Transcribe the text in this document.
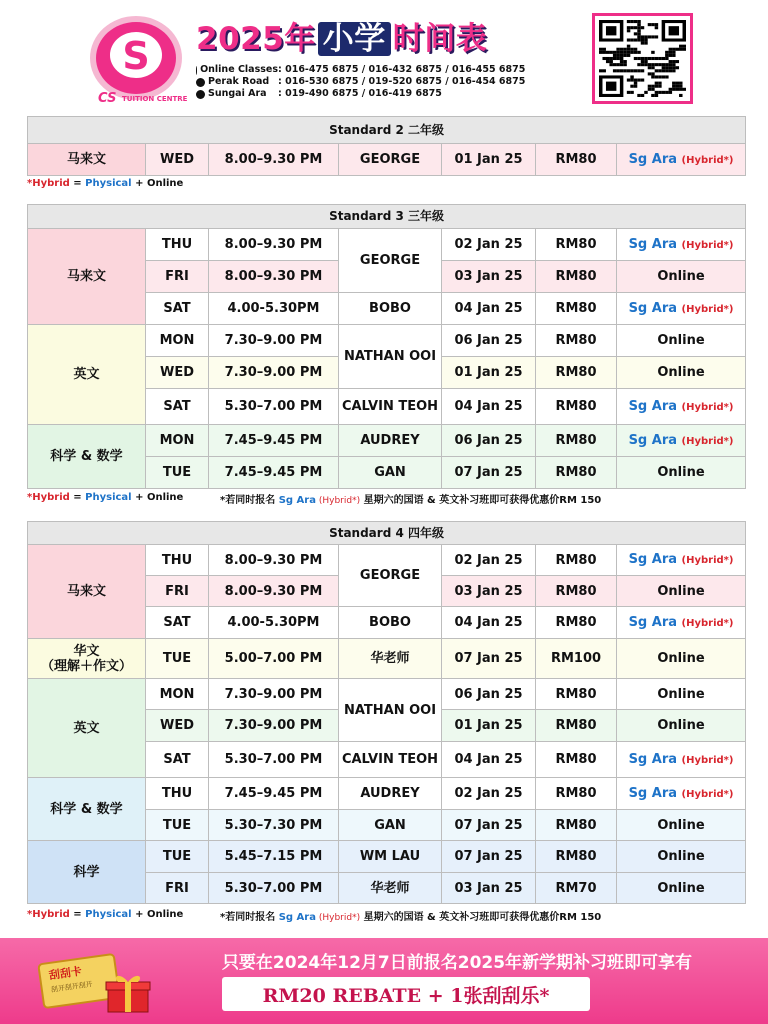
S
CS TUITION CENTRE
2025年 小学 时间表
Online Classes : 016-475 6875 / 016-432 6875 / 016-455 6875
Perak Road : 016-530 6875 / 019-520 6875 / 016-454 6875
Sungai Ara : 019-490 6875 / 016-419 6875
Standard 2 二年级
马来文	WED	8.00–9.30 PM	GEORGE	01 Jan 25	RM80	Sg Ara (Hybrid*)
*Hybrid = Physical + Online
Standard 3 三年级						
马来文	THU	8.00–9.30 PM	GEORGE	02 Jan 25	RM80	Sg Ara (Hybrid*)
	FRI	8.00–9.30 PM		03 Jan 25	RM80	Online
	SAT	4.00-5.30PM	BOBO	04 Jan 25	RM80	Sg Ara (Hybrid*)
英文	MON	7.30–9.00 PM	NATHAN OOI	06 Jan 25	RM80	Online
	WED	7.30–9.00 PM		01 Jan 25	RM80	Online
	SAT	5.30–7.00 PM	CALVIN TEOH	04 Jan 25	RM80	Sg Ara (Hybrid*)
科学 & 数学	MON	7.45–9.45 PM	AUDREY	06 Jan 25	RM80	Sg Ara (Hybrid*)
	TUE	7.45–9.45 PM	GAN	07 Jan 25	RM80	Online
*Hybrid = Physical + Online	*若同时报名 Sg Ara (Hybrid*) 星期六的国语 & 英文补习班即可获得优惠价RM 150
Standard 4 四年级						
马来文	THU	8.00–9.30 PM	GEORGE	02 Jan 25	RM80	Sg Ara (Hybrid*)
	FRI	8.00–9.30 PM		03 Jan 25	RM80	Online
	SAT	4.00-5.30PM	BOBO	04 Jan 25	RM80	Sg Ara (Hybrid*)
华文
（理解＋作文）	TUE	5.00–7.00 PM	华老师	07 Jan 25	RM100	Online
英文	MON	7.30–9.00 PM	NATHAN OOI	06 Jan 25	RM80	Online
	WED	7.30–9.00 PM		01 Jan 25	RM80	Online
	SAT	5.30–7.00 PM	CALVIN TEOH	04 Jan 25	RM80	Sg Ara (Hybrid*)
科学 & 数学	THU	7.45–9.45 PM	AUDREY	02 Jan 25	RM80	Sg Ara (Hybrid*)
	TUE	5.30–7.30 PM	GAN	07 Jan 25	RM80	Online
科学	TUE	5.45–7.15 PM	WM LAU	07 Jan 25	RM80	Online
	FRI	5.30–7.00 PM	华老师	03 Jan 25	RM70	Online
*Hybrid = Physical + Online	*若同时报名 Sg Ara (Hybrid*) 星期六的国语 & 英文补习班即可获得优惠价RM 150
只要在2024年12月7日前报名2025年新学期补习班即可享有
RM20 REBATE + 1张刮刮乐*
刮刮卡
刮开刮开刮开
